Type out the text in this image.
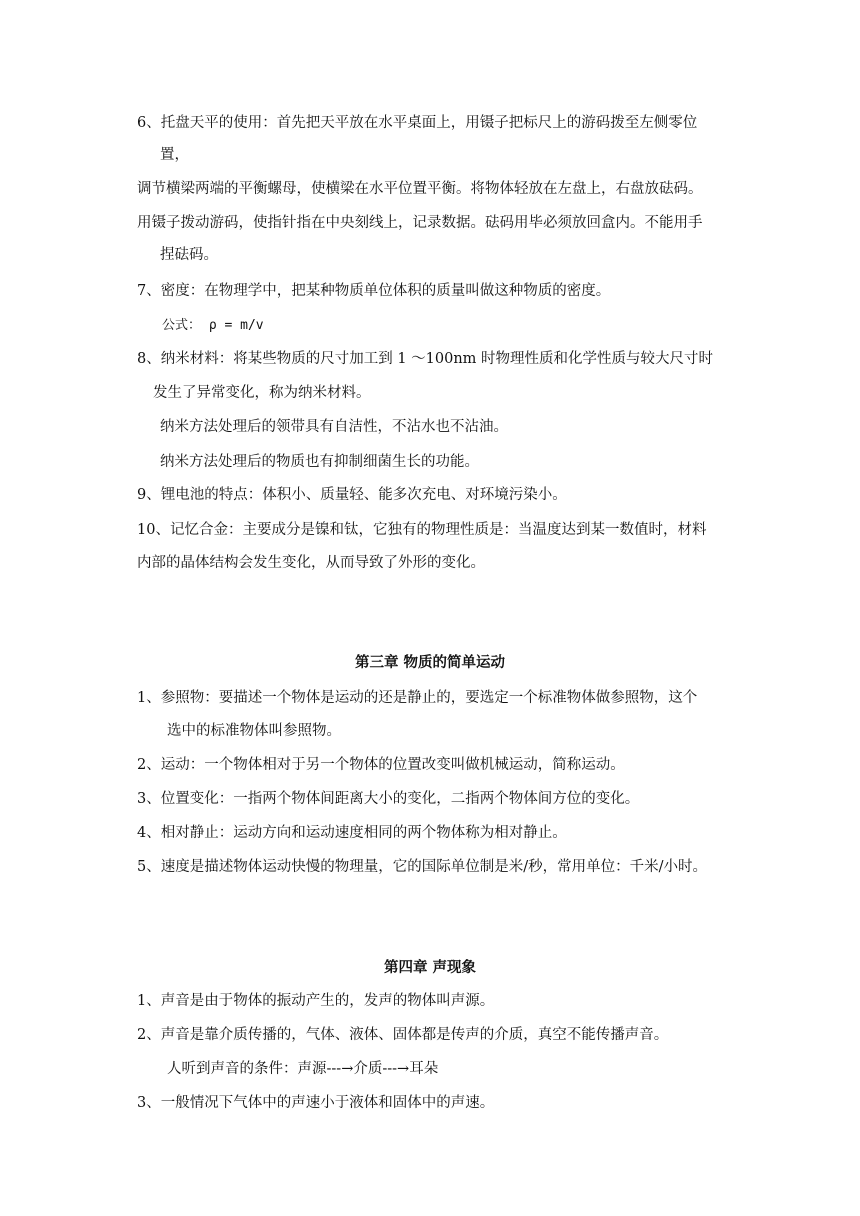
6、托盘天平的使用：首先把天平放在水平桌面上，用镊子把标尺上的游码拨至左侧零位
置，
调节横梁两端的平衡螺母，使横梁在水平位置平衡。将物体轻放在左盘上，右盘放砝码。
用镊子拨动游码，使指针指在中央刻线上，记录数据。砝码用毕必须放回盒内。不能用手
捏砝码。
7、密度：在物理学中，把某种物质单位体积的质量叫做这种物质的密度。
公式： ρ = m/v
8、纳米材料：将某些物质的尺寸加工到 1 ～100nm 时物理性质和化学性质与较大尺寸时
发生了异常变化，称为纳米材料。
纳米方法处理后的领带具有自洁性，不沾水也不沾油。
纳米方法处理后的物质也有抑制细菌生长的功能。
9、锂电池的特点：体积小、质量轻、能多次充电、对环境污染小。
10、记忆合金：主要成分是镍和钛，它独有的物理性质是：当温度达到某一数值时，材料
内部的晶体结构会发生变化，从而导致了外形的变化。
第三章 物质的简单运动
1、参照物：要描述一个物体是运动的还是静止的，要选定一个标准物体做参照物，这个
选中的标准物体叫参照物。
2、运动：一个物体相对于另一个物体的位置改变叫做机械运动，简称运动。
3、位置变化：一指两个物体间距离大小的变化，二指两个物体间方位的变化。
4、相对静止：运动方向和运动速度相同的两个物体称为相对静止。
5、速度是描述物体运动快慢的物理量，它的国际单位制是米/秒，常用单位：千米/小时。
第四章 声现象
1、声音是由于物体的振动产生的，发声的物体叫声源。
2、声音是靠介质传播的，气体、液体、固体都是传声的介质，真空不能传播声音。
人听到声音的条件：声源---→介质---→耳朵
3、一般情况下气体中的声速小于液体和固体中的声速。
